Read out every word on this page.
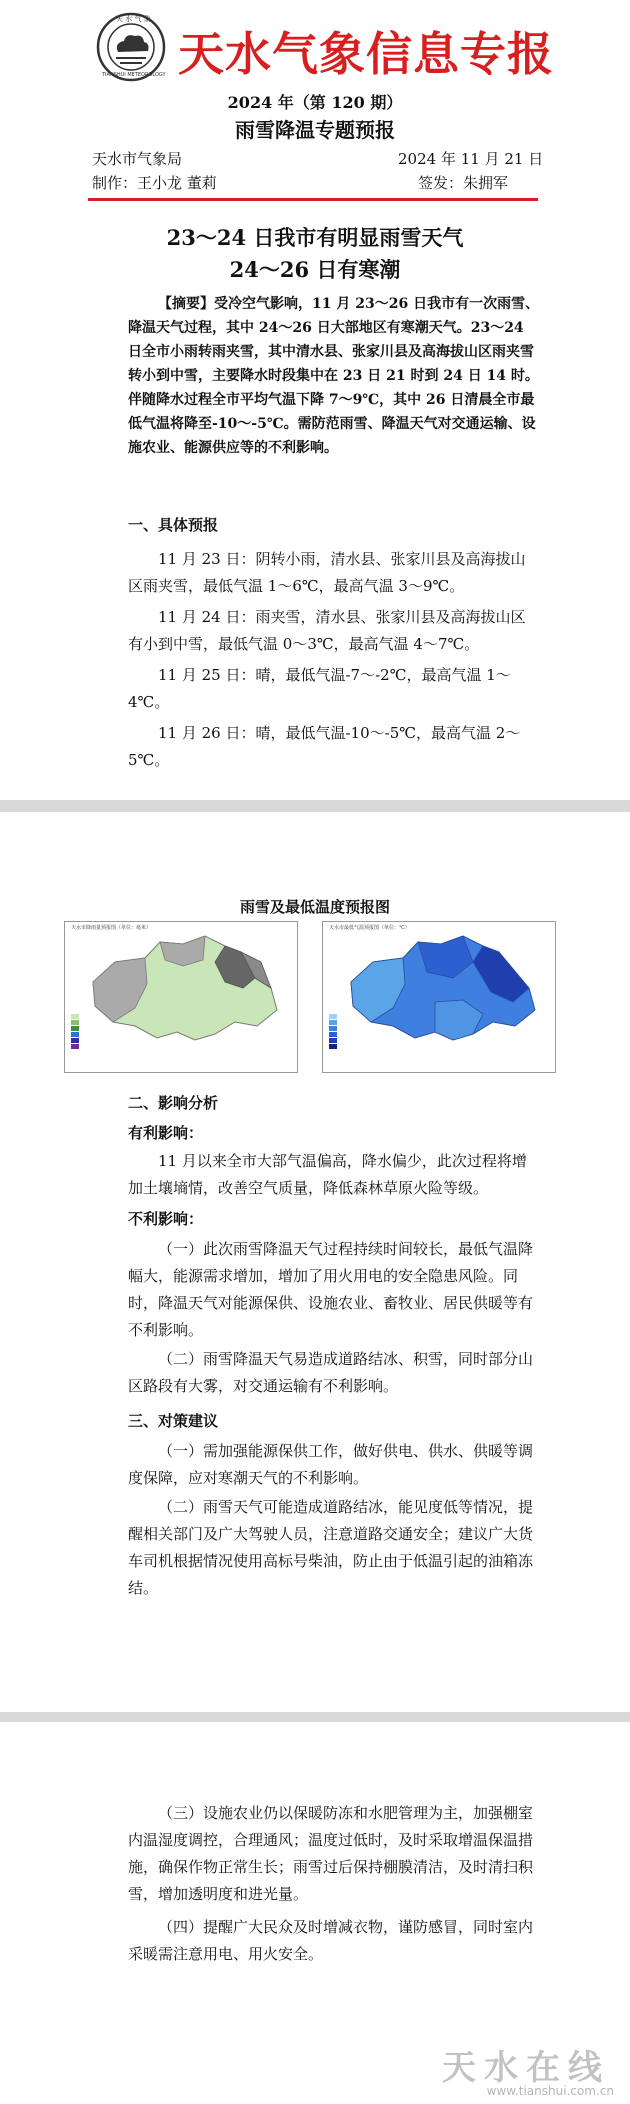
天 水 气 象
TIANSHUI METEOROLOGY 天水气象信息专报
2024 年（第 120 期）
雨雪降温专题预报
天水市气象局	2024 年 11 月 21 日
制作：王小龙 董莉	签发：朱拥军
23～24 日我市有明显雨雪天气
24～26 日有寒潮
【摘要】受冷空气影响，11 月 23～26 日我市有一次雨雪、降温天气过程，其中 24～26 日大部地区有寒潮天气。23～24 日全市小雨转雨夹雪，其中清水县、张家川县及高海拔山区雨夹雪转小到中雪，主要降水时段集中在 23 日 21 时到 24 日 14 时。伴随降水过程全市平均气温下降 7～9℃，其中 26 日清晨全市最低气温将降至-10～-5℃。需防范雨雪、降温天气对交通运输、设施农业、能源供应等的不利影响。
一、具体预报
11 月 23 日：阴转小雨，清水县、张家川县及高海拔山区雨夹雪，最低气温 1～6℃，最高气温 3～9℃。
11 月 24 日：雨夹雪，清水县、张家川县及高海拔山区有小到中雪，最低气温 0～3℃，最高气温 4～7℃。
11 月 25 日：晴，最低气温-7～-2℃，最高气温 1～4℃。
11 月 26 日：晴，最低气温-10～-5℃，最高气温 2～5℃。
雨雪及最低温度预报图
天水市降雨量预报图（单位：毫米）	天水市最低气温预报图（单位：℃）
二、影响分析
有利影响：
11 月以来全市大部气温偏高，降水偏少，此次过程将增加土壤墒情，改善空气质量，降低森林草原火险等级。
不利影响：
（一）此次雨雪降温天气过程持续时间较长，最低气温降幅大，能源需求增加，增加了用火用电的安全隐患风险。同时，降温天气对能源保供、设施农业、畜牧业、居民供暖等有不利影响。
（二）雨雪降温天气易造成道路结冰、积雪，同时部分山区路段有大雾，对交通运输有不利影响。
三、对策建议
（一）需加强能源保供工作，做好供电、供水、供暖等调度保障，应对寒潮天气的不利影响。
（二）雨雪天气可能造成道路结冰，能见度低等情况，提醒相关部门及广大驾驶人员，注意道路交通安全；建议广大货车司机根据情况使用高标号柴油，防止由于低温引起的油箱冻结。
（三）设施农业仍以保暖防冻和水肥管理为主，加强棚室内温湿度调控，合理通风；温度过低时，及时采取增温保温措施，确保作物正常生长；雨雪过后保持棚膜清洁，及时清扫积雪，增加透明度和进光量。
（四）提醒广大民众及时增减衣物，谨防感冒，同时室内采暖需注意用电、用火安全。
天水在线
www.tianshui.com.cn
